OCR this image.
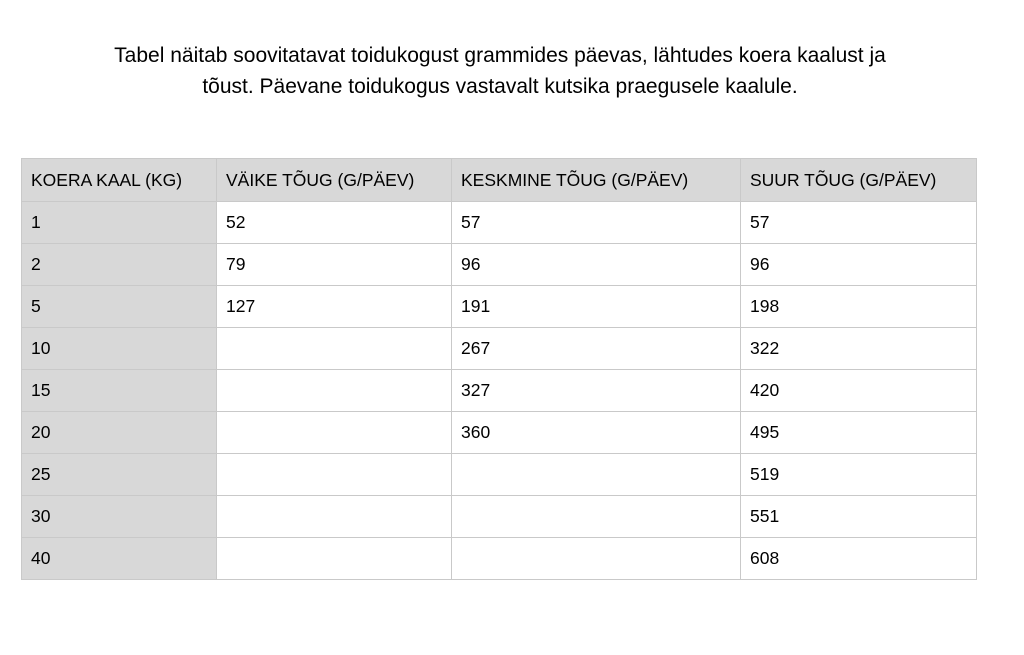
Tabel näitab soovitatavat toidukogust grammides päevas, lähtudes koera kaalust ja
tõust. Päevane toidukogus vastavalt kutsika praegusele kaalule.
KOERA KAAL (KG)	VÄIKE TÕUG (G/PÄEV)	KESKMINE TÕUG (G/PÄEV)	SUUR TÕUG (G/PÄEV)
1	52	57	57
2	79	96	96
5	127	191	198
10		267	322
15		327	420
20		360	495
25			519
30			551
40			608
